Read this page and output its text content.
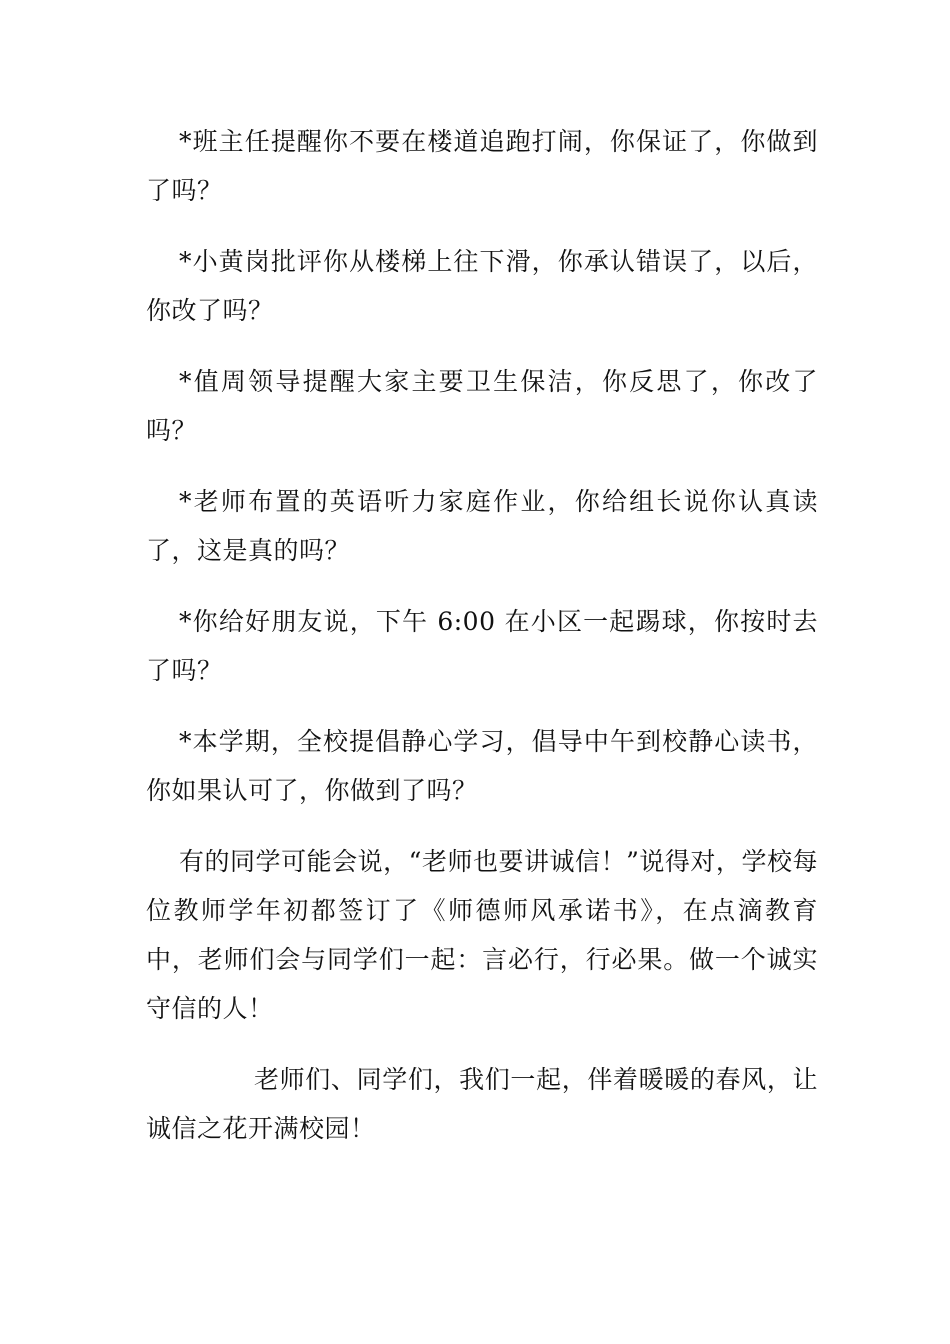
*班主任提醒你不要在楼道追跑打闹，你保证了，你做到了吗？

*小黄岗批评你从楼梯上往下滑，你承认错误了，以后，你改了吗？

*值周领导提醒大家主要卫生保洁，你反思了，你改了吗？

*老师布置的英语听力家庭作业，你给组长说你认真读了，这是真的吗？

*你给好朋友说，下午 6:00 在小区一起踢球，你按时去了吗？

*本学期，全校提倡静心学习，倡导中午到校静心读书，你如果认可了，你做到了吗？

有的同学可能会说，“老师也要讲诚信！”说得对，学校每位教师学年初都签订了《师德师风承诺书》，在点滴教育中，老师们会与同学们一起：言必行，行必果。做一个诚实守信的人！

老师们、同学们，我们一起，伴着暖暖的春风，让诚信之花开满校园！
